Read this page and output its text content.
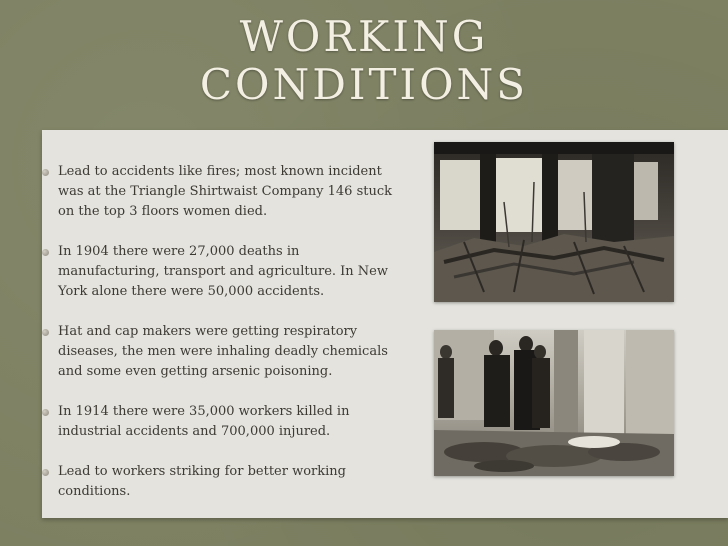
WORKING
CONDITIONS
Lead to accidents like fires; most known incident was at the Triangle Shirtwaist Company 146 stuck on the top 3 floors women died.
In 1904 there were 27,000 deaths in manufacturing, transport and agriculture. In New York alone there were 50,000 accidents.
Hat and cap makers were getting respiratory diseases, the men were inhaling deadly chemicals and some even getting arsenic poisoning.
In 1914 there were 35,000 workers killed in industrial accidents and 700,000 injured.
Lead to workers striking for better working conditions.
